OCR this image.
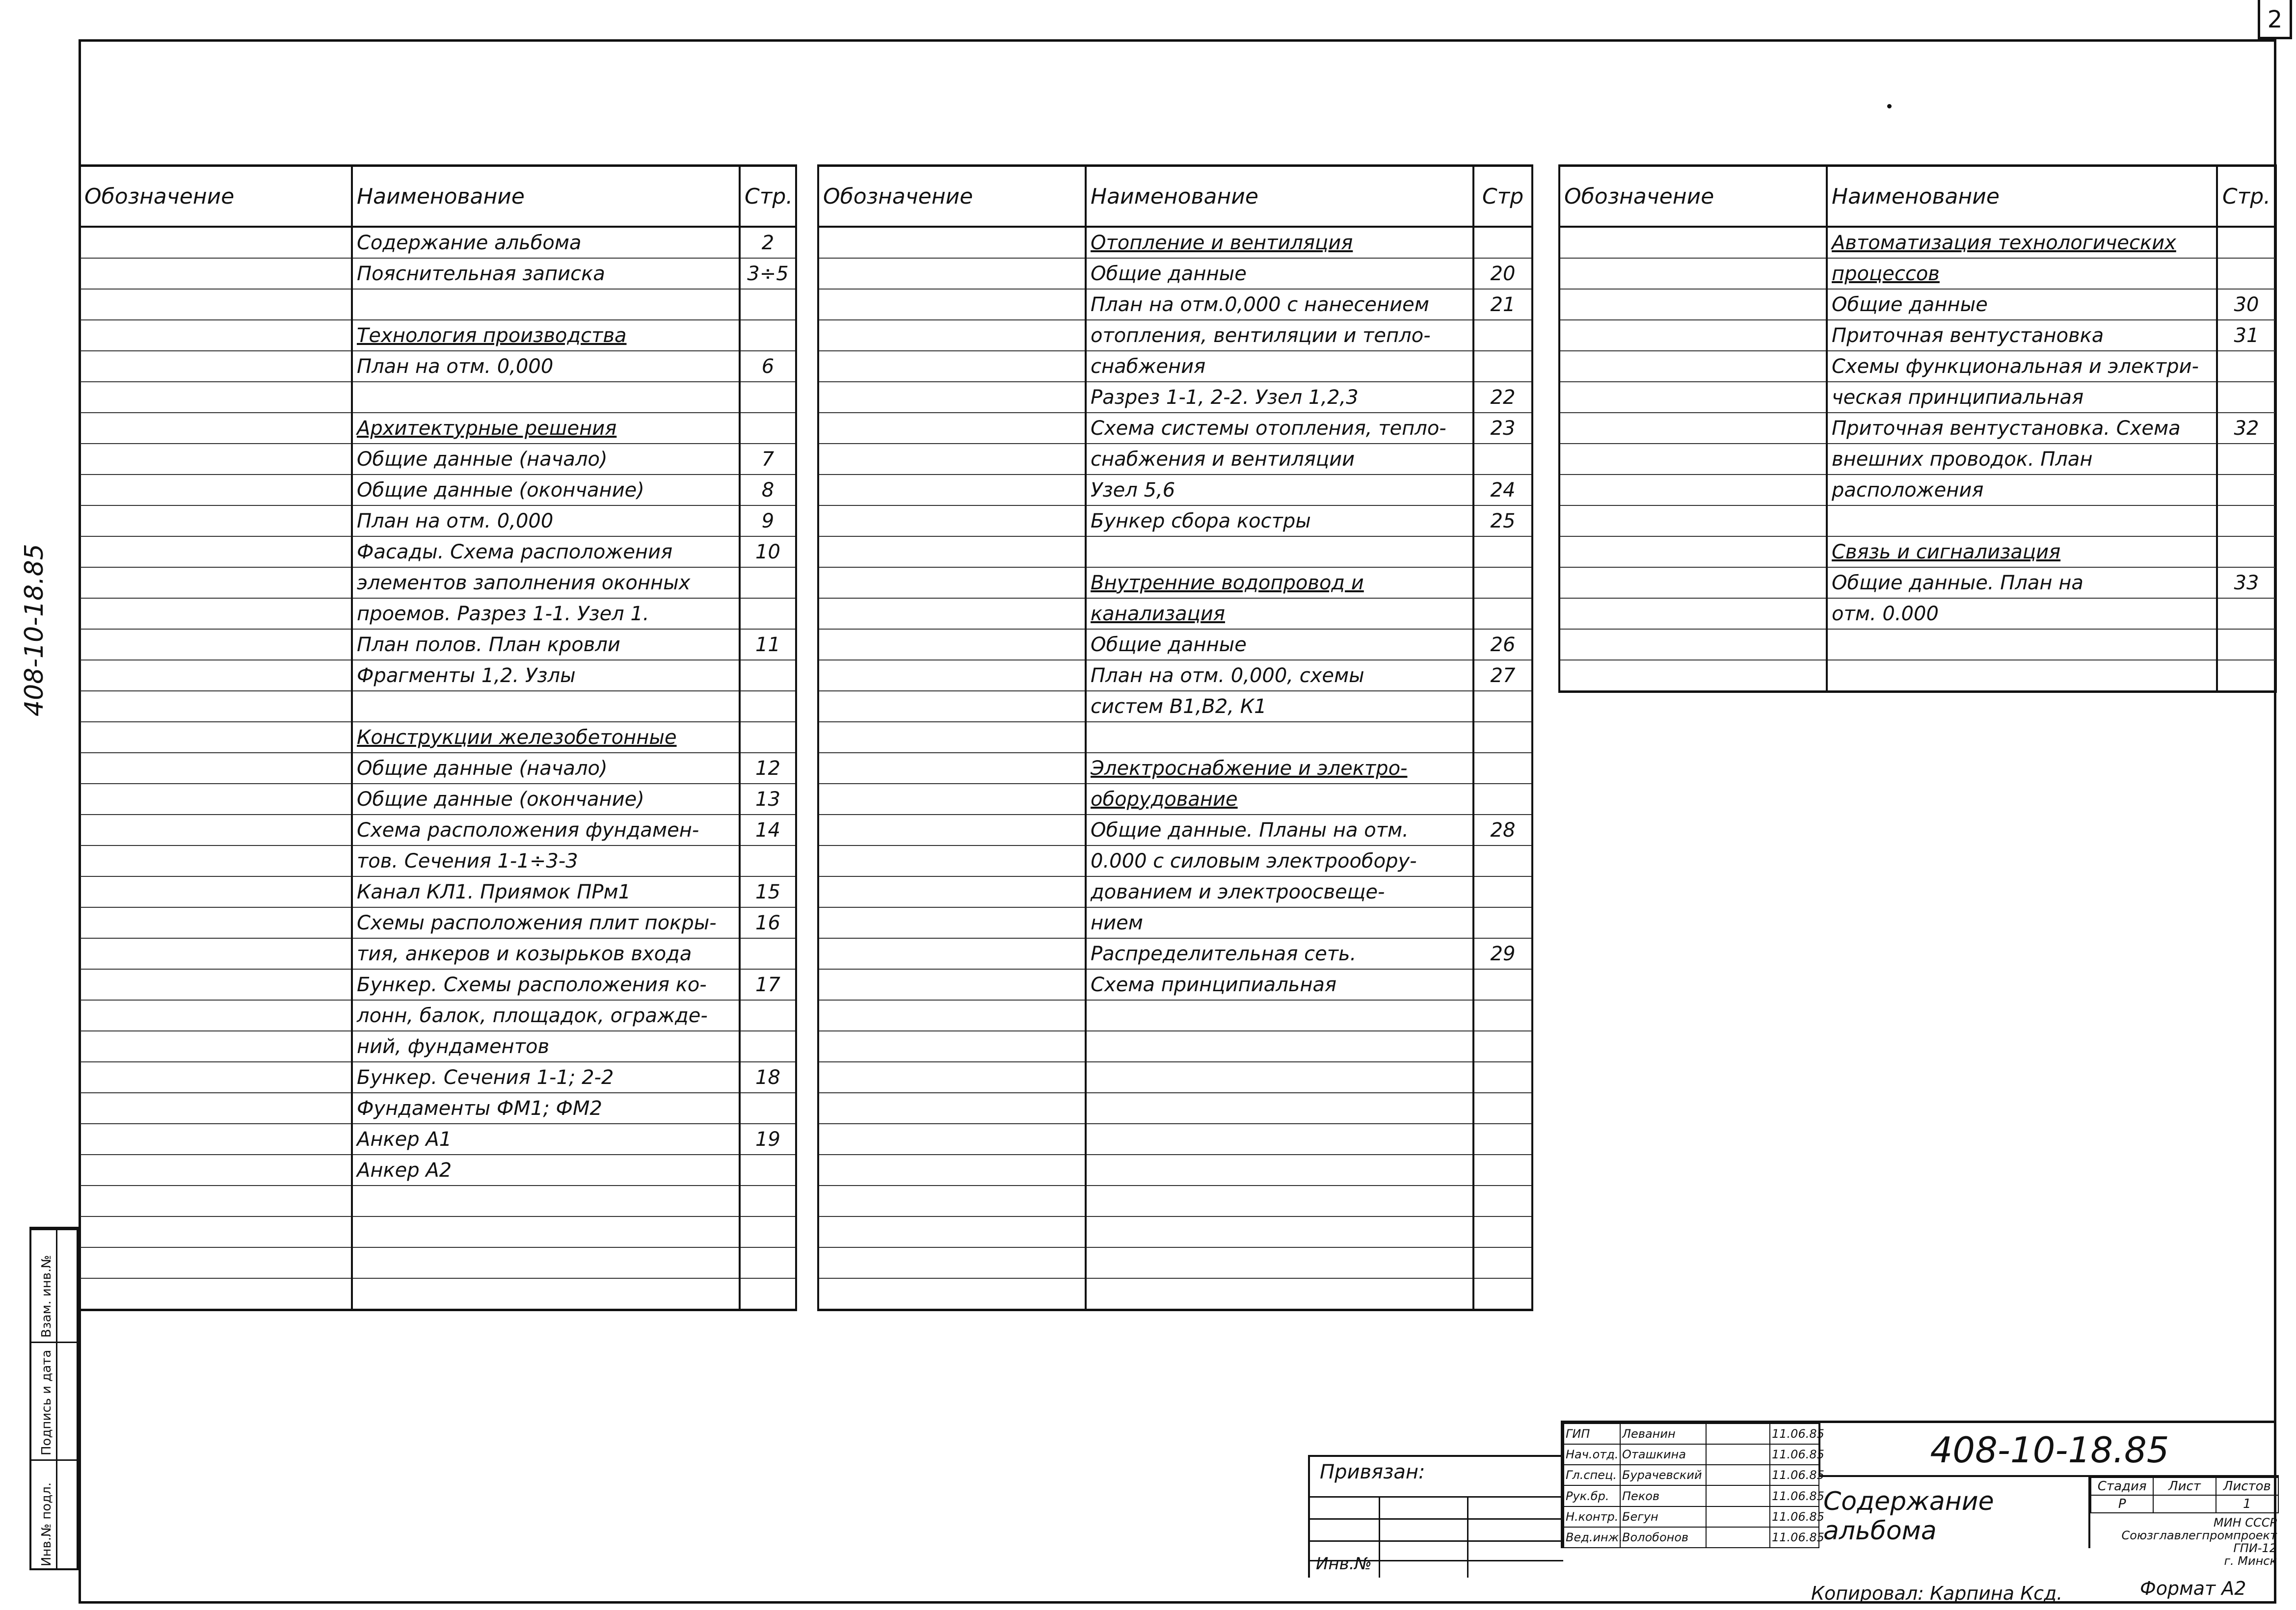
2
408-10-18.85
Взам. инв.№
Подпись и дата
Инв.№ подл.
Обозначение	Наименование	Стр.
	Содержание альбома	2
	Пояснительная записка	3÷5

	Технология производства	
	План на отм. 0,000	6

	Архитектурные решения	
	Общие данные (начало)	7
	Общие данные (окончание)	8
	План на отм. 0,000	9
	Фасады. Схема расположения	10
	элементов заполнения оконных	
	проемов. Разрез 1-1. Узел 1.	
	План полов. План кровли	11
	Фрагменты 1,2. Узлы	

	Конструкции железобетонные	
	Общие данные (начало)	12
	Общие данные (окончание)	13
	Схема расположения фундамен-	14
	тов. Сечения 1-1÷3-3	
	Канал КЛ1. Приямок ПРм1	15
	Схемы расположения плит покры-	16
	тия, анкеров и козырьков входа	
	Бункер. Схемы расположения ко-	17
	лонн, балок, площадок, огражде-	
	ний, фундаментов	
	Бункер. Сечения 1-1; 2-2	18
	Фундаменты ФМ1; ФМ2	
	Анкер А1	19
	Анкер А2	

Обозначение	Наименование	Стр
	Отопление и вентиляция	
	Общие данные	20
	План на отм.0,000 с нанесением	21
	отопления, вентиляции и тепло-	
	снабжения	
	Разрез 1-1, 2-2. Узел 1,2,3	22
	Схема системы отопления, тепло-	23
	снабжения и вентиляции	
	Узел 5,6	24
	Бункер сбора костры	25

	Внутренние водопровод и	
	канализация	
	Общие данные	26
	План на отм. 0,000, схемы	27
	систем В1,В2, К1	

	Электроснабжение и электро-	
	оборудование	
	Общие данные. Планы на отм.	28
	0.000 с силовым электрообору-	
	дованием и электроосвеще-	
	нием	
	Распределительная сеть.	29
	Схема принципиальная	

Обозначение	Наименование	Стр.
	Автоматизация технологических	
	процессов	
	Общие данные	30
	Приточная вентустановка	31
	Схемы функциональная и электри-	
	ческая принципиальная	
	Приточная вентустановка. Схема	32
	внешних проводок. План	
	расположения	

	Связь и сигнализация	
	Общие данные. План на	33
	отм. 0.000	

Привязан:
Инв.№
ГИП	Леванин		11.06.85
Нач.отд.	Оташкина		11.06.85
Гл.спец.	Бурачевский		11.06.85
Рук.бр.	Пеков		11.06.85
Н.контр.	Бегун		11.06.85
Вед.инж.	Волобонов		11.06.85
408-10-18.85
Содержание
альбома
Стадия	Лист	Листов
Р		1
МИН СССР
Союзглавлегпромпроект
ГПИ-12
г. Минск
Копировал: Карпина Ксд.	Формат А2
